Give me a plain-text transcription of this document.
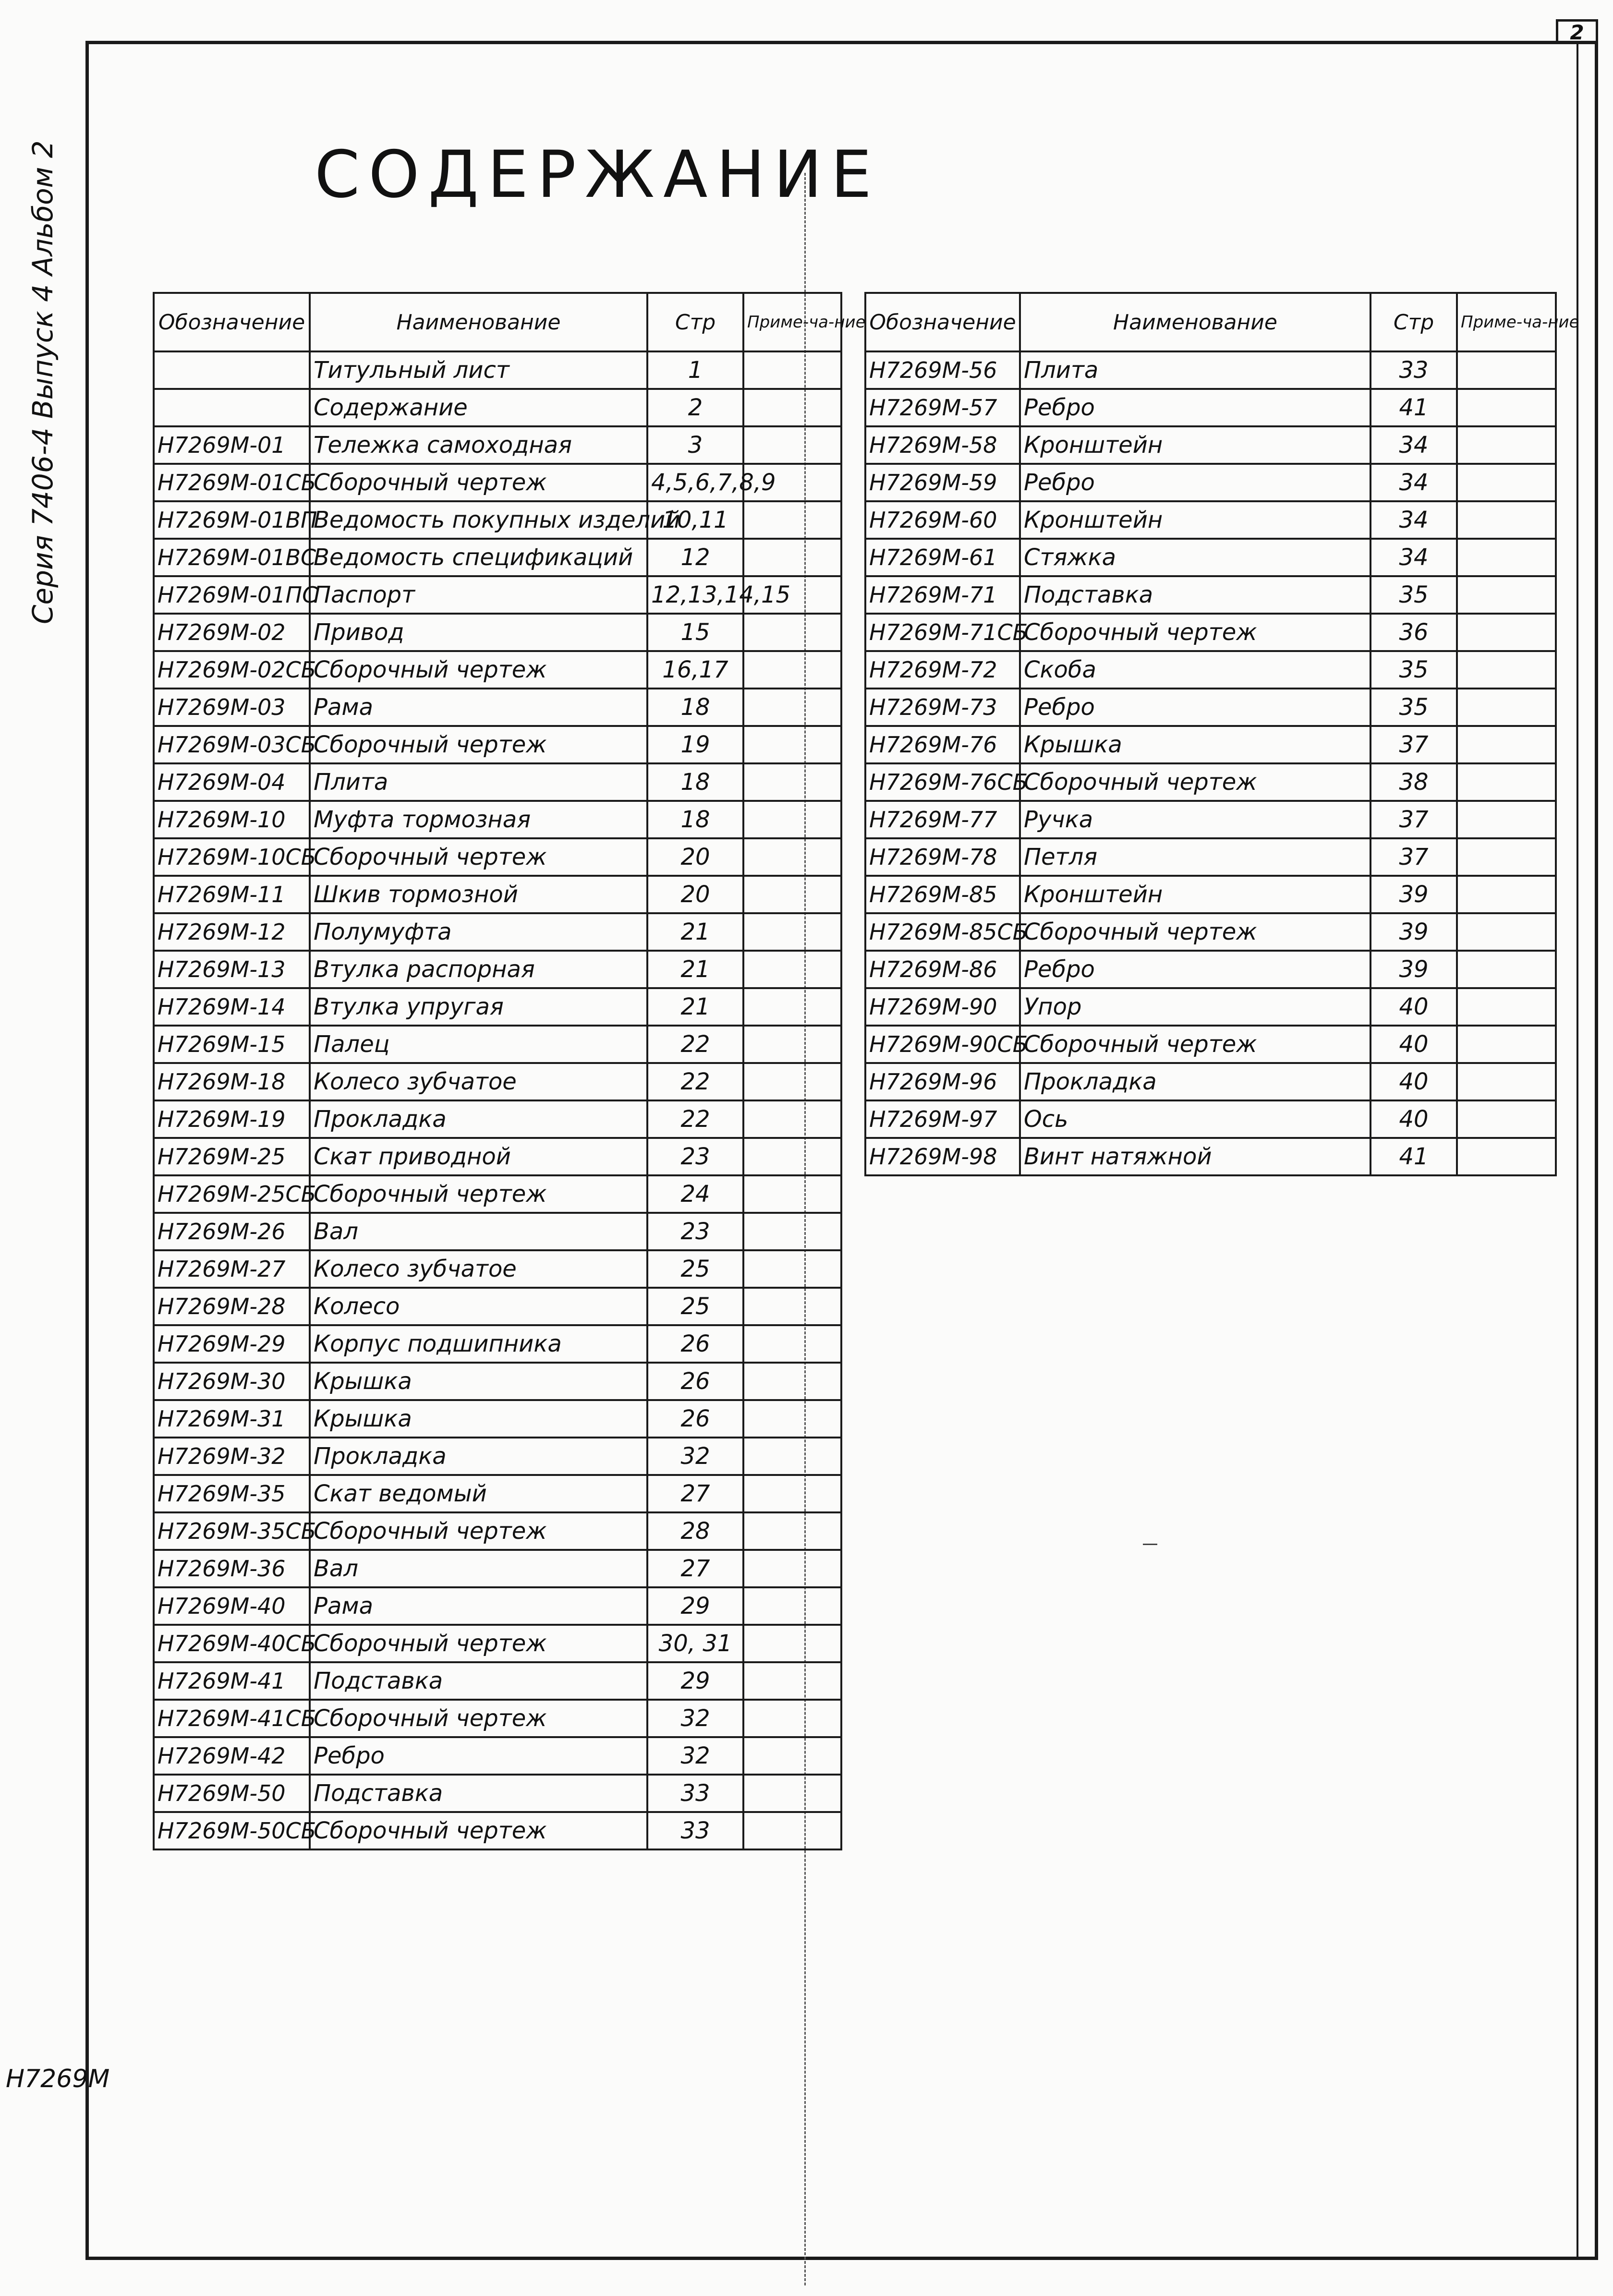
2
Серия 7406-4 Выпуск 4 Альбом 2
Н7269М
СОДЕРЖАНИЕ
Обозначение	Наименование	Стр	Приме-ча-ние
	Титульный лист	1	
	Содержание	2	
Н7269М-01	Тележка самоходная	3	
Н7269М-01СБ	Сборочный чертеж	4,5,6,7,8,9	
Н7269М-01ВП	Ведомость покупных изделий	10,11	
Н7269М-01ВС	Ведомость спецификаций	12	
Н7269М-01ПС	Паспорт	12,13,14,15	
Н7269М-02	Привод	15	
Н7269М-02СБ	Сборочный чертеж	16,17	
Н7269М-03	Рама	18	
Н7269М-03СБ	Сборочный чертеж	19	
Н7269М-04	Плита	18	
Н7269М-10	Муфта тормозная	18	
Н7269М-10СБ	Сборочный чертеж	20	
Н7269М-11	Шкив тормозной	20	
Н7269М-12	Полумуфта	21	
Н7269М-13	Втулка распорная	21	
Н7269М-14	Втулка упругая	21	
Н7269М-15	Палец	22	
Н7269М-18	Колесо зубчатое	22	
Н7269М-19	Прокладка	22	
Н7269М-25	Скат приводной	23	
Н7269М-25СБ	Сборочный чертеж	24	
Н7269М-26	Вал	23	
Н7269М-27	Колесо зубчатое	25	
Н7269М-28	Колесо	25	
Н7269М-29	Корпус подшипника	26	
Н7269М-30	Крышка	26	
Н7269М-31	Крышка	26	
Н7269М-32	Прокладка	32	
Н7269М-35	Скат ведомый	27	
Н7269М-35СБ	Сборочный чертеж	28	
Н7269М-36	Вал	27	
Н7269М-40	Рама	29	
Н7269М-40СБ	Сборочный чертеж	30, 31	
Н7269М-41	Подставка	29	
Н7269М-41СБ	Сборочный чертеж	32	
Н7269М-42	Ребро	32	
Н7269М-50	Подставка	33	
Н7269М-50СБ	Сборочный чертеж	33	
Обозначение	Наименование	Стр	Приме-ча-ние
Н7269М-56	Плита	33	
Н7269М-57	Ребро	41	
Н7269М-58	Кронштейн	34	
Н7269М-59	Ребро	34	
Н7269М-60	Кронштейн	34	
Н7269М-61	Стяжка	34	
Н7269М-71	Подставка	35	
Н7269М-71СБ	Сборочный чертеж	36	
Н7269М-72	Скоба	35	
Н7269М-73	Ребро	35	
Н7269М-76	Крышка	37	
Н7269М-76СБ	Сборочный чертеж	38	
Н7269М-77	Ручка	37	
Н7269М-78	Петля	37	
Н7269М-85	Кронштейн	39	
Н7269М-85СБ	Сборочный чертеж	39	
Н7269М-86	Ребро	39	
Н7269М-90	Упор	40	
Н7269М-90СБ	Сборочный чертеж	40	
Н7269М-96	Прокладка	40	
Н7269М-97	Ось	40	
Н7269М-98	Винт натяжной	41	
